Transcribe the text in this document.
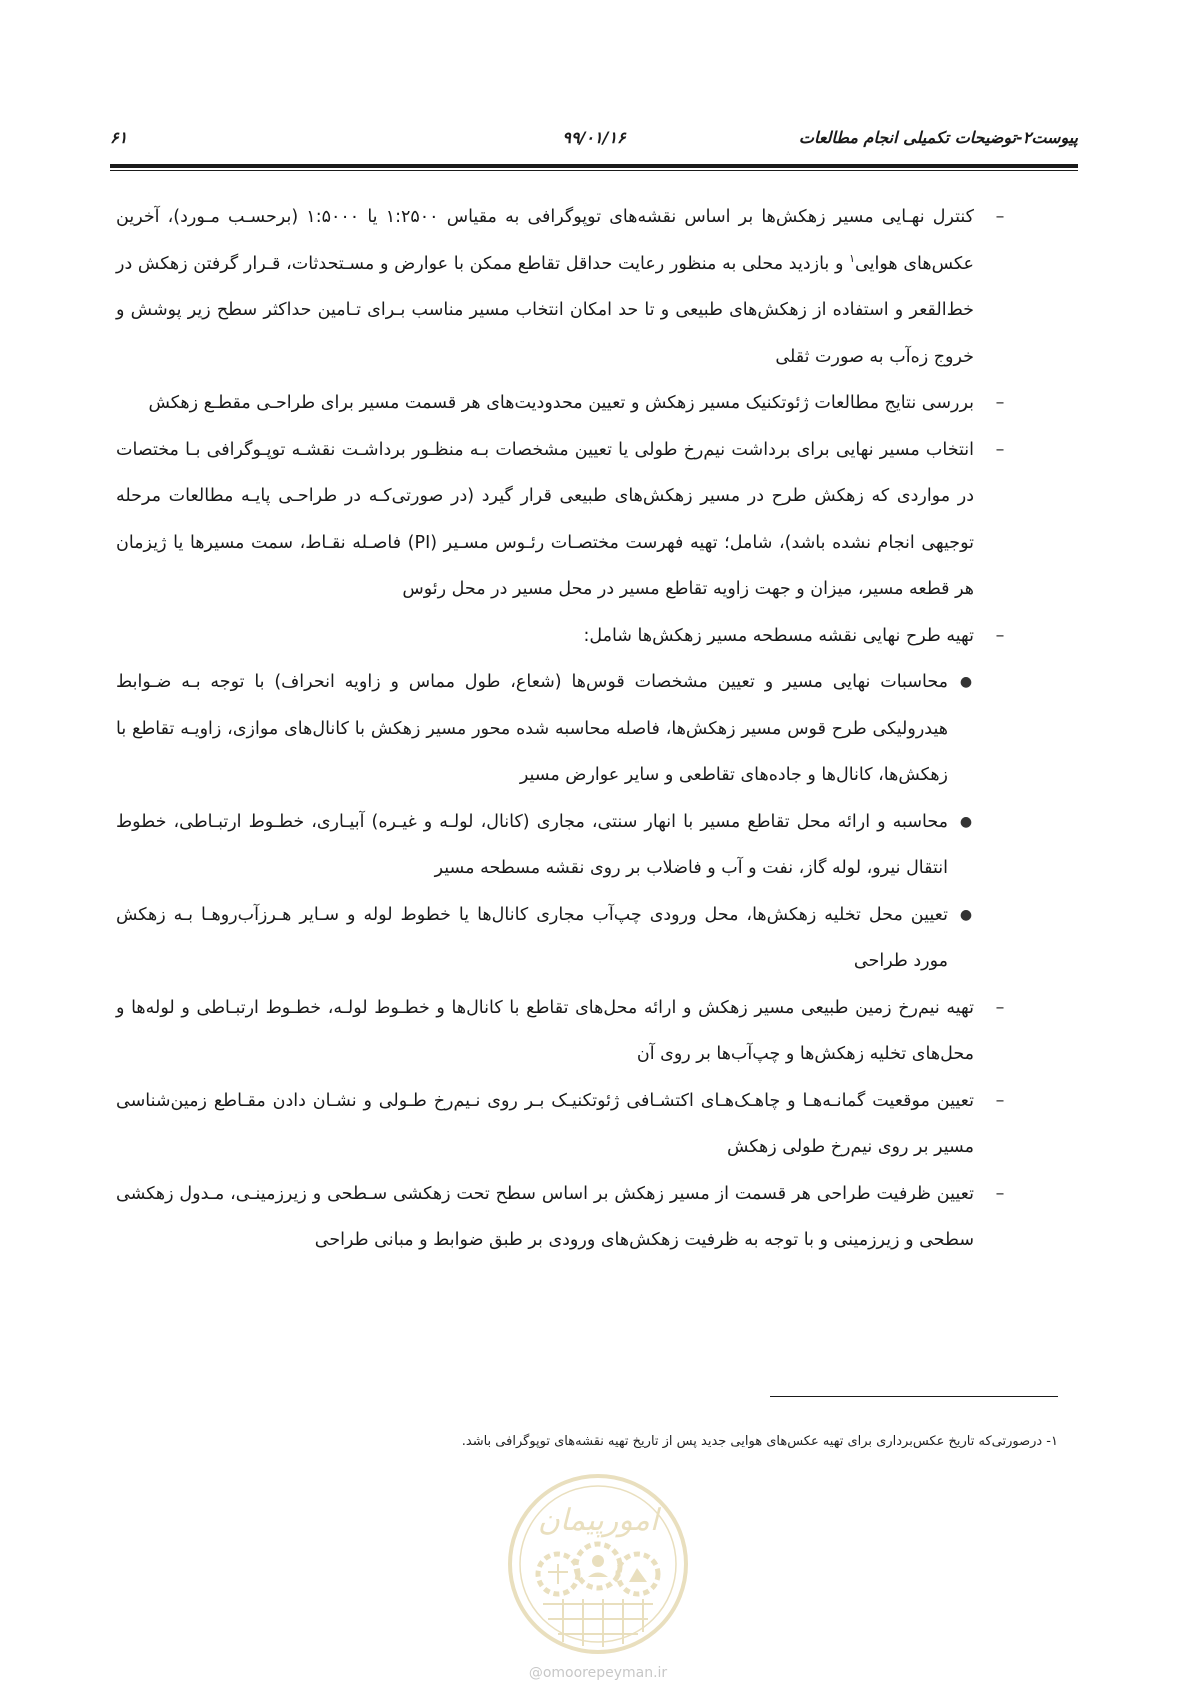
پیوست۲-توضیحات تکمیلی انجام مطالعات
۹۹/۰۱/۱۶
۶۱
–
کنترل نهـایی مسیر زهکش‌ها بر اساس نقشه‌های توپوگرافی به مقیاس ۱:۲۵۰۰ یا ۱:۵۰۰۰ (برحسـب مـورد)، آخرین عکس‌های هوایی$^۱$ و بازدید محلی به منظور رعایت حداقل تقاطع ممکن با عوارض و مسـتحدثات، قـرار گرفتن زهکش در خط‌القعر و استفاده از زهکش‌های طبیعی و تا حد امکان انتخاب مسیر مناسب بـرای تـامین حداکثر سطح زیر پوشش و خروج زه‌آب به صورت ثقلی
–
بررسی نتایج مطالعات ژئوتکنیک مسیر زهکش و تعیین محدودیت‌های هر قسمت مسیر برای طراحـی مقطـع زهکش
–
انتخاب مسیر نهایی برای برداشت نیم‌رخ طولی یا تعیین مشخصات بـه منظـور برداشـت نقشـه توپـوگرافی بـا مختصات در مواردی که زهکش طرح در مسیر زهکش‌های طبیعی قرار گیرد (در صورتی‌کـه در طراحـی پایـه مطالعات مرحله توجیهی انجام نشده باشد)، شامل؛ تهیه فهرست مختصـات رئـوس مسـیر (PI) فاصـله نقـاط، سمت مسیرها یا ژیزمان هر قطعه مسیر، میزان و جهت زاویه تقاطع مسیر در محل مسیر در محل رئوس
–
تهیه طرح نهایی نقشه مسطحه مسیر زهکش‌ها شامل:
●
محاسبات نهایی مسیر و تعیین مشخصات قوس‌ها (شعاع، طول مماس و زاویه انحراف) با توجه بـه ضـوابط هیدرولیکی طرح قوس مسیر زهکش‌ها، فاصله محاسبه شده محور مسیر زهکش با کانال‌های موازی، زاویـه تقاطع با زهکش‌ها، کانال‌ها و جاده‌های تقاطعی و سایر عوارض مسیر
●
محاسبه و ارائه محل تقاطع مسیر با انهار سنتی، مجاری (کانال، لولـه و غیـره) آبیـاری، خطـوط ارتبـاطی، خطوط انتقال نیرو، لوله گاز، نفت و آب و فاضلاب بر روی نقشه مسطحه مسیر
●
تعیین محل تخلیه زهکش‌ها، محل ورودی چپ‌آب مجاری کانال‌ها یا خطوط لوله و سـایر هـرزآب‌روهـا بـه زهکش مورد طراحی
–
تهیه نیم‌رخ زمین طبیعی مسیر زهکش و ارائه محل‌های تقاطع با کانال‌ها و خطـوط لولـه، خطـوط ارتبـاطی و لوله‌ها و محل‌های تخلیه زهکش‌ها و چپ‌آب‌ها بر روی آن
–
تعیین موقعیت گمانـه‌هـا و چاهـک‌هـای اکتشـافی ژئوتکنیـک بـر روی نـیم‌رخ طـولی و نشـان دادن مقـاطع زمین‌شناسی مسیر بر روی نیم‌رخ طولی زهکش
–
تعیین ظرفیت طراحی هر قسمت از مسیر زهکش بر اساس سطح تحت زهکشی سـطحی و زیرزمینـی، مـدول زهکشی سطحی و زیرزمینی و با توجه به ظرفیت زهکش‌های ورودی بر طبق ضوابط و مبانی طراحی
۱- درصورتی‌که تاریخ عکس‌برداری برای تهیه عکس‌های هوایی جدید پس از تاریخ تهیه نقشه‌های توپوگرافی باشد.
امورپیمان
@omoorepeyman.ir
